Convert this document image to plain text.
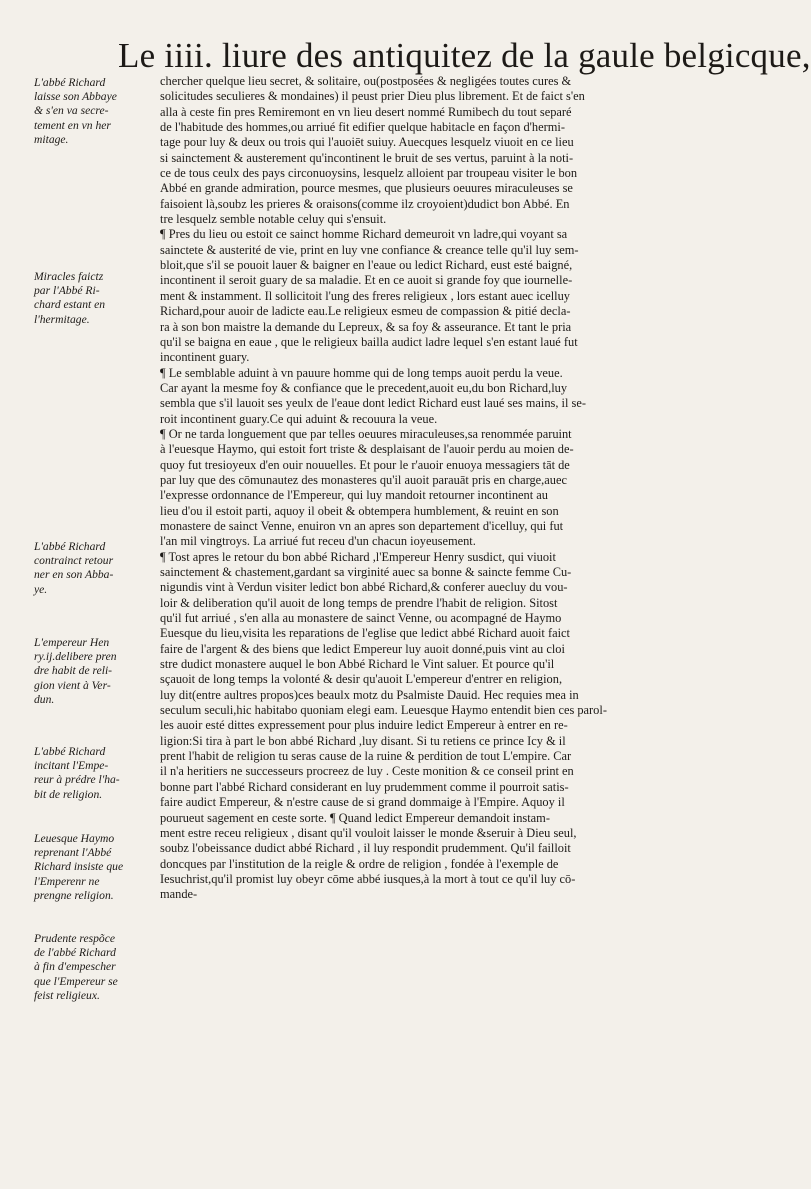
Le iiii. liure des antiquitez de la gaule belgicque,
L'abbé Richard
laisse son Abbaye
& s'en va secre-
tement en vn her
mitage.
Miracles faictz
par l'Abbé Ri-
chard estant en
l'hermitage.
L'abbé Richard
contrainct retour
ner en son Abba-
ye.
L'empereur Hen
ry.ij.delibere pren
dre habit de reli-
gion vient à Ver-
dun.
L'abbé Richard
incitant l'Empe-
reur à prédre l'ha-
bit de religion.
Leuesque Haymo
reprenant l'Abbé
Richard insiste que
l'Emperenr ne
prengne religion.
Prudente respõce
de l'abbé Richard
à fin d'empescher
que l'Empereur se
feist religieux.
chercher quelque lieu secret, & solitaire, ou(postposées & negligées toutes cures &
solicitudes seculieres & mondaines) il peust prier Dieu plus librement. Et de faict s'en
alla à ceste fin pres Remiremont en vn lieu desert nommé Rumibech du tout separé
de l'habitude des hommes,ou arriué fit edifier quelque habitacle en façon d'hermi-
tage pour luy & deux ou trois qui l'auoiēt suiuy. Auecques lesquelz viuoit en ce lieu
si sainctement & austerement qu'incontinent le bruit de ses vertus, paruint à la noti-
ce de tous ceulx des pays circonuoysins, lesquelz alloient par troupeau visiter le bon
Abbé en grande admiration, pource mesmes, que plusieurs oeuures miraculeuses se
faisoient là,soubz les prieres & oraisons(comme ilz croyoient)dudict bon Abbé. En
tre lesquelz semble notable celuy qui s'ensuit.
¶ Pres du lieu ou estoit ce sainct homme Richard demeuroit vn ladre,qui voyant sa
sainctete & austerité de vie, print en luy vne confiance & creance telle qu'il luy sem-
bloit,que s'il se pouoit lauer & baigner en l'eaue ou ledict Richard, eust esté baigné,
incontinent il seroit guary de sa maladie. Et en ce auoit si grande foy que iournelle-
ment & instamment. Il sollicitoit l'ung des freres religieux , lors estant auec icelluy
Richard,pour auoir de ladicte eau.Le religieux esmeu de compassion & pitié decla-
ra à son bon maistre la demande du Lepreux, & sa foy & asseurance. Et tant le pria
qu'il se baigna en eaue , que le religieux bailla audict ladre lequel s'en estant laué fut
incontinent guary.
¶ Le semblable aduint à vn pauure homme qui de long temps auoit perdu la veue.
Car ayant la mesme foy & confiance que le precedent,auoit eu,du bon Richard,luy
sembla que s'il lauoit ses yeulx de l'eaue dont ledict Richard eust laué ses mains, il se-
roit incontinent guary.Ce qui aduint & recouura la veue.
¶ Or ne tarda longuement que par telles oeuures miraculeuses,sa renommée paruint
à l'euesque Haymo, qui estoit fort triste & desplaisant de l'auoir perdu au moien de-
quoy fut tresioyeux d'en ouir nouuelles. Et pour le r'auoir enuoya messagiers tāt de
par luy que des cōmunautez des monasteres qu'il auoit parauāt pris en charge,auec
l'expresse ordonnance de l'Empereur, qui luy mandoit retourner incontinent au
lieu d'ou il estoit parti, aquoy il obeit & obtempera humblement, & reuint en son
monastere de sainct Venne, enuiron vn an apres son departement d'icelluy, qui fut
l'an mil vingtroys. La arriué fut receu d'un chacun ioyeusement.
¶ Tost apres le retour du bon abbé Richard ,l'Empereur Henry susdict, qui viuoit
sainctement & chastement,gardant sa virginité auec sa bonne & saincte femme Cu-
nigundis vint à Verdun visiter ledict bon abbé Richard,& conferer auecluy du vou-
loir & deliberation qu'il auoit de long temps de prendre l'habit de religion. Sitost
qu'il fut arriué , s'en alla au monastere de sainct Venne, ou acompagné de Haymo
Euesque du lieu,visita les reparations de l'eglise que ledict abbé Richard auoit faict
faire de l'argent & des biens que ledict Empereur luy auoit donné,puis vint au cloi
stre dudict monastere auquel le bon Abbé Richard le Vint saluer. Et pource qu'il
sçauoit de long temps la volonté & desir qu'auoit L'empereur d'entrer en religion,
luy dit(entre aultres propos)ces beaulx motz du Psalmiste Dauid. Hec requies mea in
seculum seculi,hic habitabo quoniam elegi eam. Leuesque Haymo entendit bien ces parol-
les auoir esté dittes expressement pour plus induire ledict Empereur à entrer en re-
ligion:Si tira à part le bon abbé Richard ,luy disant. Si tu retiens ce prince Icy & il
prent l'habit de religion tu seras cause de la ruine & perdition de tout L'empire. Car
il n'a heritiers ne successeurs procreez de luy . Ceste monition & ce conseil print en
bonne part l'abbé Richard considerant en luy prudemment comme il pourroit satis-
faire audict Empereur, & n'estre cause de si grand dommaige à l'Empire. Aquoy il
pourueut sagement en ceste sorte. ¶ Quand ledict Empereur demandoit instam-
ment estre receu religieux , disant qu'il vouloit laisser le monde &seruir à Dieu seul,
soubz l'obeissance dudict abbé Richard , il luy respondit prudemment. Qu'il failloit
doncques par l'institution de la reigle & ordre de religion , fondée à l'exemple de
Iesuchrist,qu'il promist luy obeyr cōme abbé iusques,à la mort à tout ce qu'il luy cō-
mande-
